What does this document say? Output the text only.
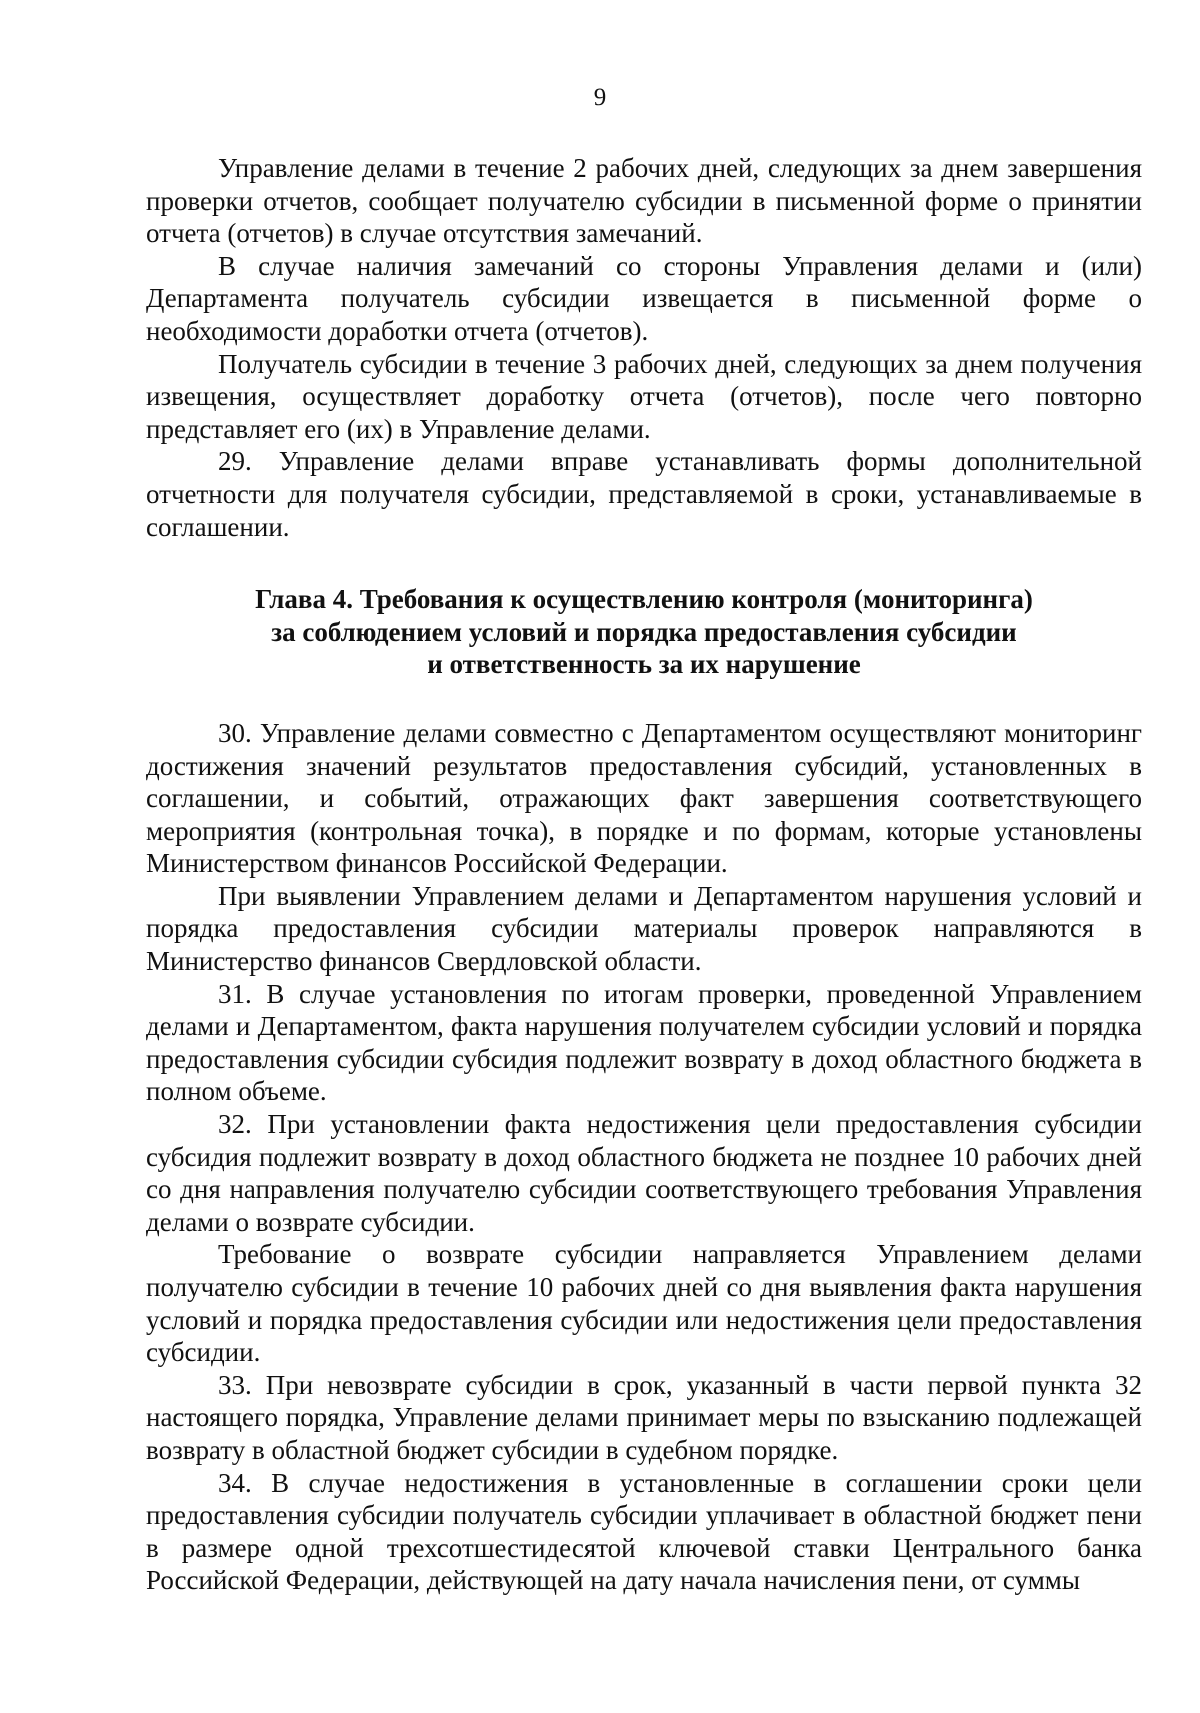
9

Управление делами в течение 2 рабочих дней, следующих за днем завершения проверки отчетов, сообщает получателю субсидии в письменной форме о принятии отчета (отчетов) в случае отсутствия замечаний.

В случае наличия замечаний со стороны Управления делами и (или) Департамента получатель субсидии извещается в письменной форме о необходимости доработки отчета (отчетов).

Получатель субсидии в течение 3 рабочих дней, следующих за днем получения извещения, осуществляет доработку отчета (отчетов), после чего повторно представляет его (их) в Управление делами.

29. Управление делами вправе устанавливать формы дополнительной отчетности для получателя субсидии, представляемой в сроки, устанавливаемые в соглашении.

Глава 4. Требования к осуществлению контроля (мониторинга)
за соблюдением условий и порядка предоставления субсидии
и ответственность за их нарушение

30. Управление делами совместно с Департаментом осуществляют мониторинг достижения значений результатов предоставления субсидий, установленных в соглашении, и событий, отражающих факт завершения соответствующего мероприятия (контрольная точка), в порядке и по формам, которые установлены Министерством финансов Российской Федерации.

При выявлении Управлением делами и Департаментом нарушения условий и порядка предоставления субсидии материалы проверок направляются в Министерство финансов Свердловской области.

31. В случае установления по итогам проверки, проведенной Управлением делами и Департаментом, факта нарушения получателем субсидии условий и порядка предоставления субсидии субсидия подлежит возврату в доход областного бюджета в полном объеме.

32. При установлении факта недостижения цели предоставления субсидии субсидия подлежит возврату в доход областного бюджета не позднее 10 рабочих дней со дня направления получателю субсидии соответствующего требования Управления делами о возврате субсидии.

Требование о возврате субсидии направляется Управлением делами получателю субсидии в течение 10 рабочих дней со дня выявления факта нарушения условий и порядка предоставления субсидии или недостижения цели предоставления субсидии.

33. При невозврате субсидии в срок, указанный в части первой пункта 32 настоящего порядка, Управление делами принимает меры по взысканию подлежащей возврату в областной бюджет субсидии в судебном порядке.

34. В случае недостижения в установленные в соглашении сроки цели предоставления субсидии получатель субсидии уплачивает в областной бюджет пени в размере одной трехсотшестидесятой ключевой ставки Центрального банка Российской Федерации, действующей на дату начала начисления пени, от суммы
